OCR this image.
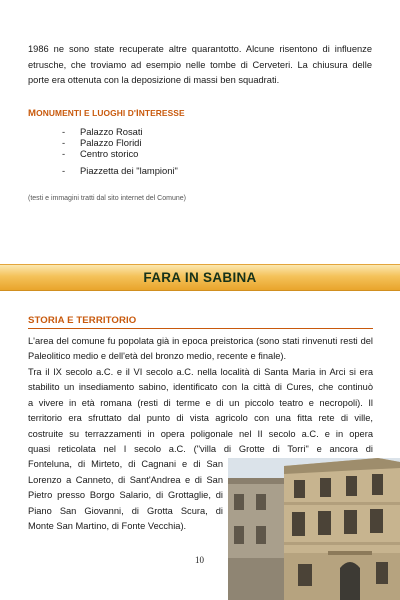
1986 ne sono state recuperate altre quarantotto. Alcune risentono di influenze etrusche, che troviamo ad esempio nelle tombe di Cerveteri. La chiusura delle porte era ottenuta con la deposizione di massi ben squadrati.
MONUMENTI E LUOGHI D'INTERESSE
- Palazzo Rosati
- Palazzo Floridi
- Centro storico
- Piazzetta dei "lampioni"
(testi e immagini tratti dal sito internet del Comune)
FARA IN SABINA
STORIA E TERRITORIO
L'area del comune fu popolata già in epoca preistorica (sono stati rinvenuti resti del Paleolitico medio e dell'età del bronzo medio, recente e finale).
Tra il IX secolo a.C. e il VI secolo a.C. nella località di Santa Maria in Arci si era
stabilito un insediamento sabino, identificato con la città di Cures, che continuò
a vivere in età romana (resti di terme e di un piccolo teatro e necropoli). Il
territorio era sfruttato dal punto di vista agricolo con una fitta rete di ville,
costruite su terrazzamenti in opera poligonale nel II secolo a.C. e in opera
quasi reticolata nel I secolo a.C. ("villa di Grotte di Torri" e ancora di
Fonteluna, di Mirteto, di Cagnani e di San
Lorenzo a Canneto, di Sant'Andrea e di San
Pietro presso Borgo Salario, di Grottaglie, di
Piano San Giovanni, di Grotta Scura, di
Monte San Martino, di Fonte Vecchia).
10
